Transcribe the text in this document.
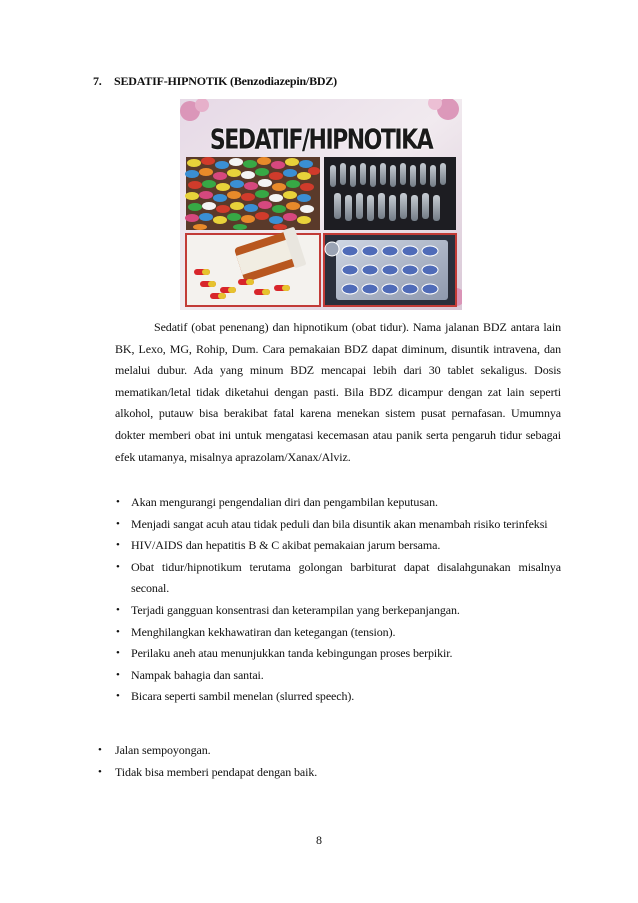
7. SEDATIF-HIPNOTIK (Benzodiazepin/BDZ)
SEDATIF/HIPNOTIKA

Sedatif (obat penenang) dan hipnotikum (obat tidur). Nama jalanan BDZ antara lain BK, Lexo, MG, Rohip, Dum. Cara pemakaian BDZ dapat diminum, disuntik intravena, dan melalui dubur. Ada yang minum BDZ mencapai lebih dari 30 tablet sekaligus. Dosis mematikan/letal tidak diketahui dengan pasti. Bila BDZ dicampur dengan zat lain seperti alkohol, putauw bisa berakibat fatal karena menekan sistem pusat pernafasan. Umumnya dokter memberi obat ini untuk mengatasi kecemasan atau panik serta pengaruh tidur sebagai efek utamanya, misalnya aprazolam/Xanax/Alviz.

• Akan mengurangi pengendalian diri dan pengambilan keputusan.
• Menjadi sangat acuh atau tidak peduli dan bila disuntik akan menambah risiko terinfeksi
• HIV/AIDS dan hepatitis B & C akibat pemakaian jarum bersama.
• Obat tidur/hipnotikum terutama golongan barbiturat dapat disalahgunakan misalnya seconal.
• Terjadi gangguan konsentrasi dan keterampilan yang berkepanjangan.
• Menghilangkan kekhawatiran dan ketegangan (tension).
• Perilaku aneh atau menunjukkan tanda kebingungan proses berpikir.
• Nampak bahagia dan santai.
• Bicara seperti sambil menelan (slurred speech).
• Jalan sempoyongan.
• Tidak bisa memberi pendapat dengan baik.
8
